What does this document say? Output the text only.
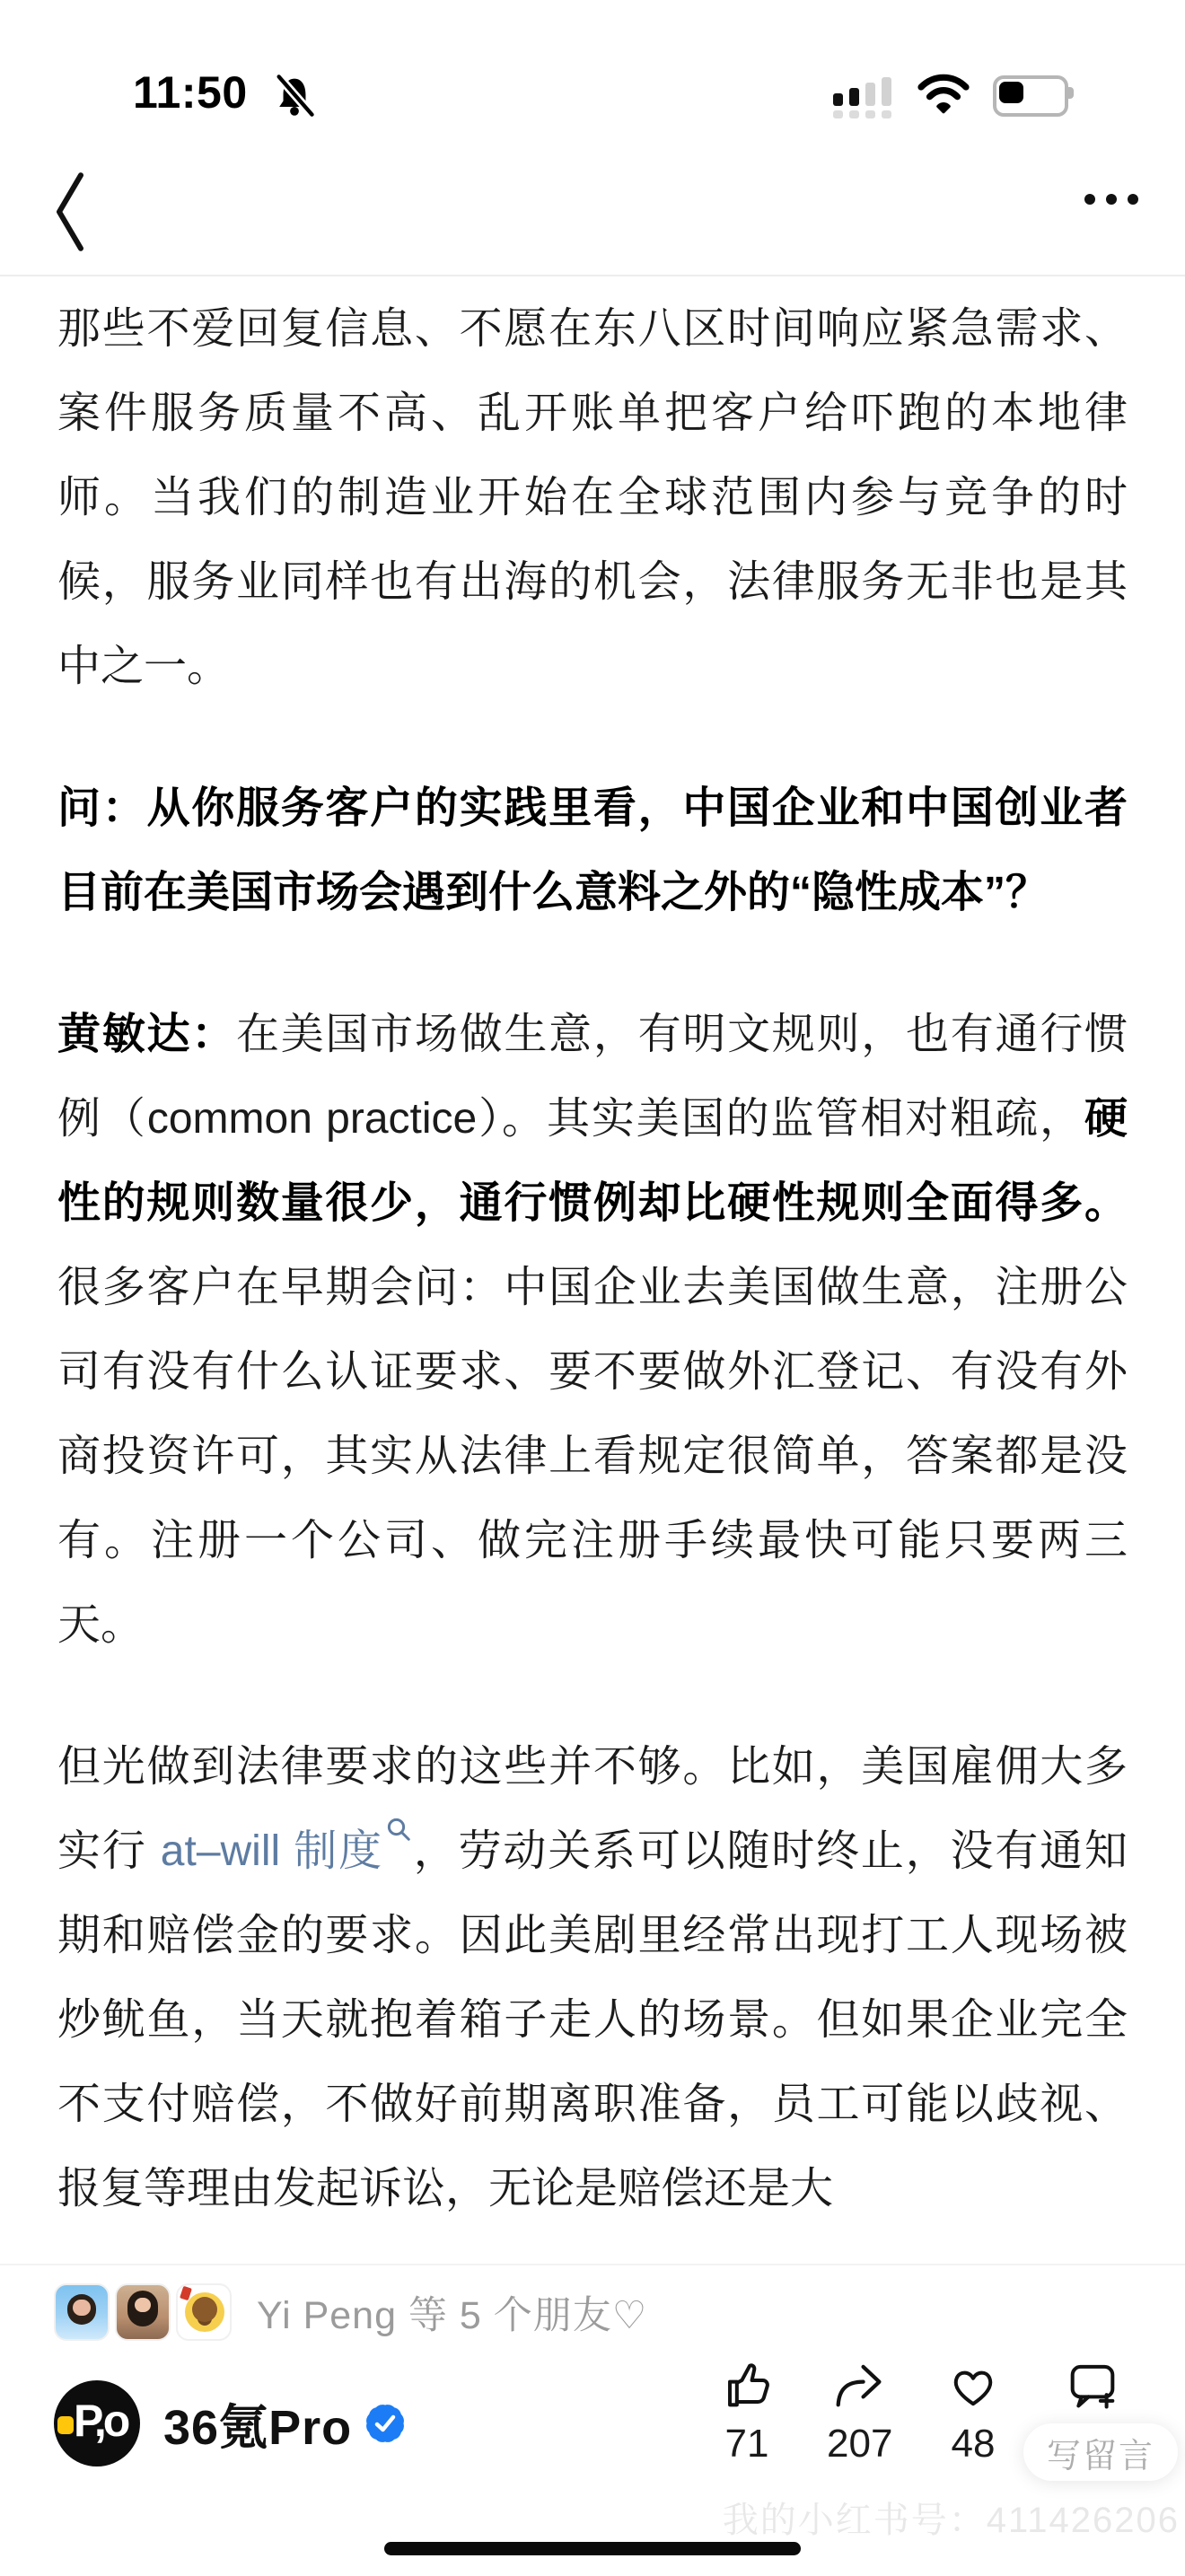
11:50

那些不爱回复信息、不愿在东八区时间响应紧急需求、案件服务质量不高、乱开账单把客户给吓跑的本地律师。当我们的制造业开始在全球范围内参与竞争的时候，服务业同样也有出海的机会，法律服务无非也是其中之一。

问：从你服务客户的实践里看，中国企业和中国创业者目前在美国市场会遇到什么意料之外的“隐性成本”？

黄敏达：在美国市场做生意，有明文规则，也有通行惯例（common practice）。其实美国的监管相对粗疏，硬性的规则数量很少，通行惯例却比硬性规则全面得多。很多客户在早期会问：中国企业去美国做生意，注册公司有没有什么认证要求、要不要做外汇登记、有没有外商投资许可，其实从法律上看规定很简单，答案都是没有。注册一个公司、做完注册手续最快可能只要两三天。

但光做到法律要求的这些并不够。比如，美国雇佣大多实行 at–will 制度 ，劳动关系可以随时终止，没有通知期和赔偿金的要求。因此美剧里经常出现打工人现场被炒鱿鱼，当天就抱着箱子走人的场景。但如果企业完全不支付赔偿，不做好前期离职准备，员工可能以歧视、报复等理由发起诉讼，无论是赔偿还是大

Yi Peng 等 5 个朋友♡
P,o 36氪Pro	71 207 48	写留言
我的小红书号：411426206
